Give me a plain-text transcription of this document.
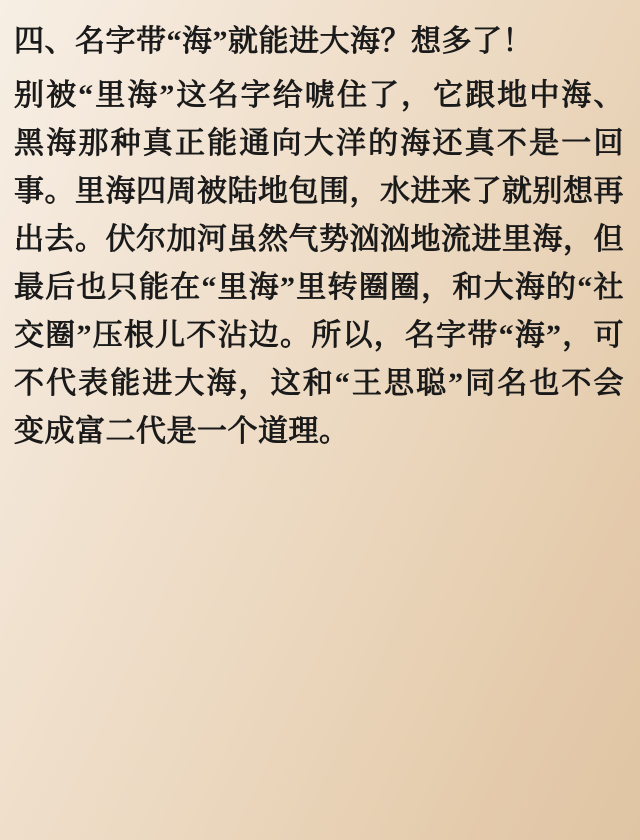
四、名字带“海”就能进大海？想多了！

别被“里海”这名字给唬住了，它跟地中海、黑海那种真正能通向大洋的海还真不是一回事。里海四周被陆地包围，水进来了就别想再出去。伏尔加河虽然气势汹汹地流进里海，但最后也只能在“里海”里转圈圈，和大海的“社交圈”压根儿不沾边。所以，名字带“海”，可不代表能进大海，这和“王思聪”同名也不会变成富二代是一个道理。
